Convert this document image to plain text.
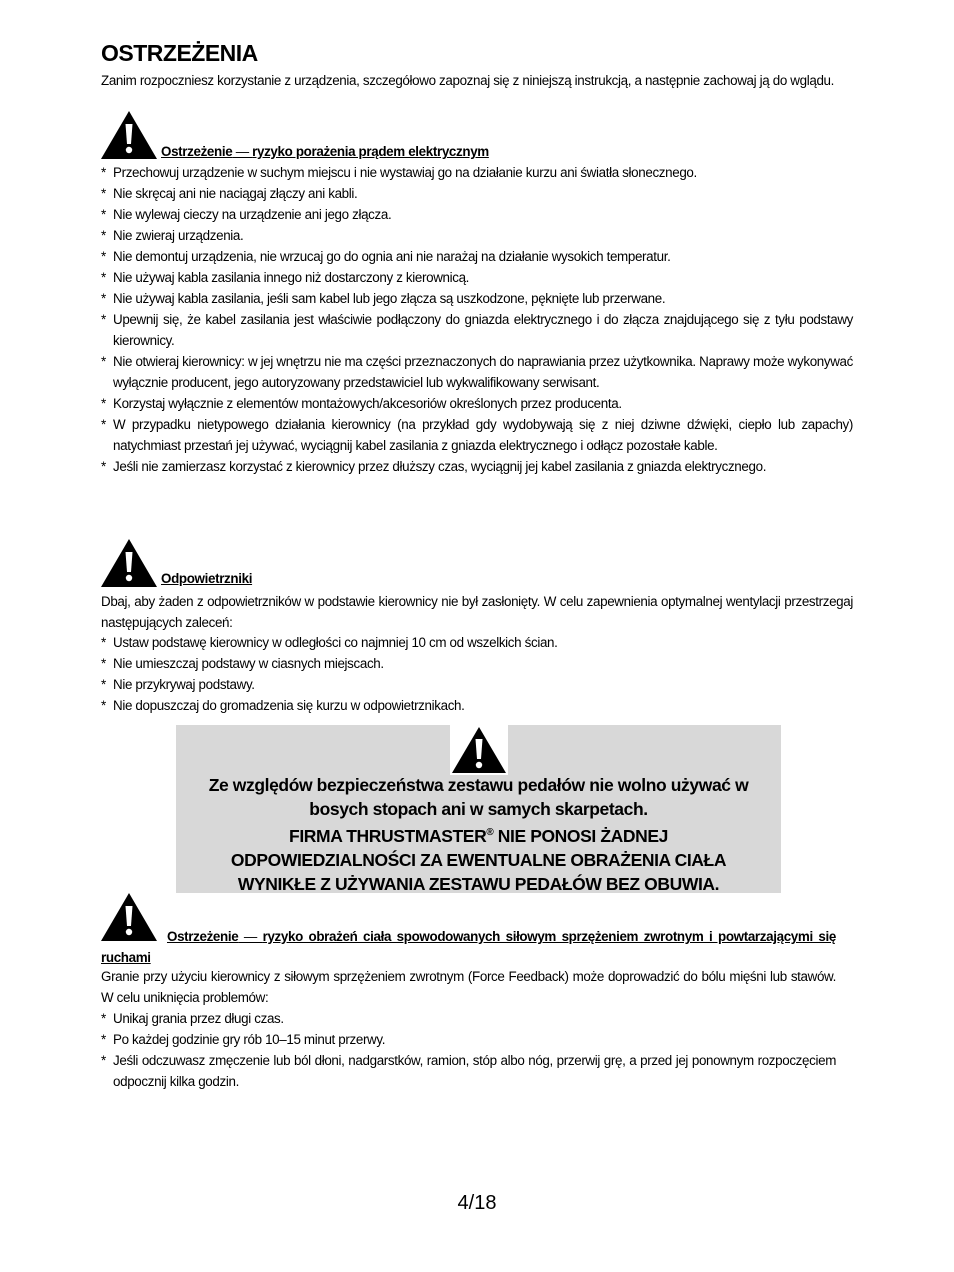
OSTRZEŻENIA
Zanim rozpoczniesz korzystanie z urządzenia, szczegółowo zapoznaj się z niniejszą instrukcją, a następnie zachowaj ją do wglądu.
Ostrzeżenie — ryzyko porażenia prądem elektrycznym
* Przechowuj urządzenie w suchym miejscu i nie wystawiaj go na działanie kurzu ani światła słonecznego.
* Nie skręcaj ani nie naciągaj złączy ani kabli.
* Nie wylewaj cieczy na urządzenie ani jego złącza.
* Nie zwieraj urządzenia.
* Nie demontuj urządzenia, nie wrzucaj go do ognia ani nie narażaj na działanie wysokich temperatur.
* Nie używaj kabla zasilania innego niż dostarczony z kierownicą.
* Nie używaj kabla zasilania, jeśli sam kabel lub jego złącza są uszkodzone, pęknięte lub przerwane.
* Upewnij się, że kabel zasilania jest właściwie podłączony do gniazda elektrycznego i do złącza znajdującego się z tyłu podstawy kierownicy.
* Nie otwieraj kierownicy: w jej wnętrzu nie ma części przeznaczonych do naprawiania przez użytkownika. Naprawy może wykonywać wyłącznie producent, jego autoryzowany przedstawiciel lub wykwalifikowany serwisant.
* Korzystaj wyłącznie z elementów montażowych/akcesoriów określonych przez producenta.
* W przypadku nietypowego działania kierownicy (na przykład gdy wydobywają się z niej dziwne dźwięki, ciepło lub zapachy) natychmiast przestań jej używać, wyciągnij kabel zasilania z gniazda elektrycznego i odłącz pozostałe kable.
* Jeśli nie zamierzasz korzystać z kierownicy przez dłuższy czas, wyciągnij jej kabel zasilania z gniazda elektrycznego.
Odpowietrzniki
Dbaj, aby żaden z odpowietrzników w podstawie kierownicy nie był zasłonięty. W celu zapewnienia optymalnej wentylacji przestrzegaj następujących zaleceń:
* Ustaw podstawę kierownicy w odległości co najmniej 10 cm od wszelkich ścian.
* Nie umieszczaj podstawy w ciasnych miejscach.
* Nie przykrywaj podstawy.
* Nie dopuszczaj do gromadzenia się kurzu w odpowietrznikach.
Ze względów bezpieczeństwa zestawu pedałów nie wolno używać w bosych stopach ani w samych skarpetach.
FIRMA THRUSTMASTER® NIE PONOSI ŻADNEJ ODPOWIEDZIALNOŚCI ZA EWENTUALNE OBRAŻENIA CIAŁA WYNIKŁE Z UŻYWANIA ZESTAWU PEDAŁÓW BEZ OBUWIA.
Ostrzeżenie — ryzyko obrażeń ciała spowodowanych siłowym sprzężeniem zwrotnym i powtarzającymi się ruchami
Granie przy użyciu kierownicy z siłowym sprzężeniem zwrotnym (Force Feedback) może doprowadzić do bólu mięśni lub stawów. W celu uniknięcia problemów:
* Unikaj grania przez długi czas.
* Po każdej godzinie gry rób 10–15 minut przerwy.
* Jeśli odczuwasz zmęczenie lub ból dłoni, nadgarstków, ramion, stóp albo nóg, przerwij grę, a przed jej ponownym rozpoczęciem odpocznij kilka godzin.
4/18
